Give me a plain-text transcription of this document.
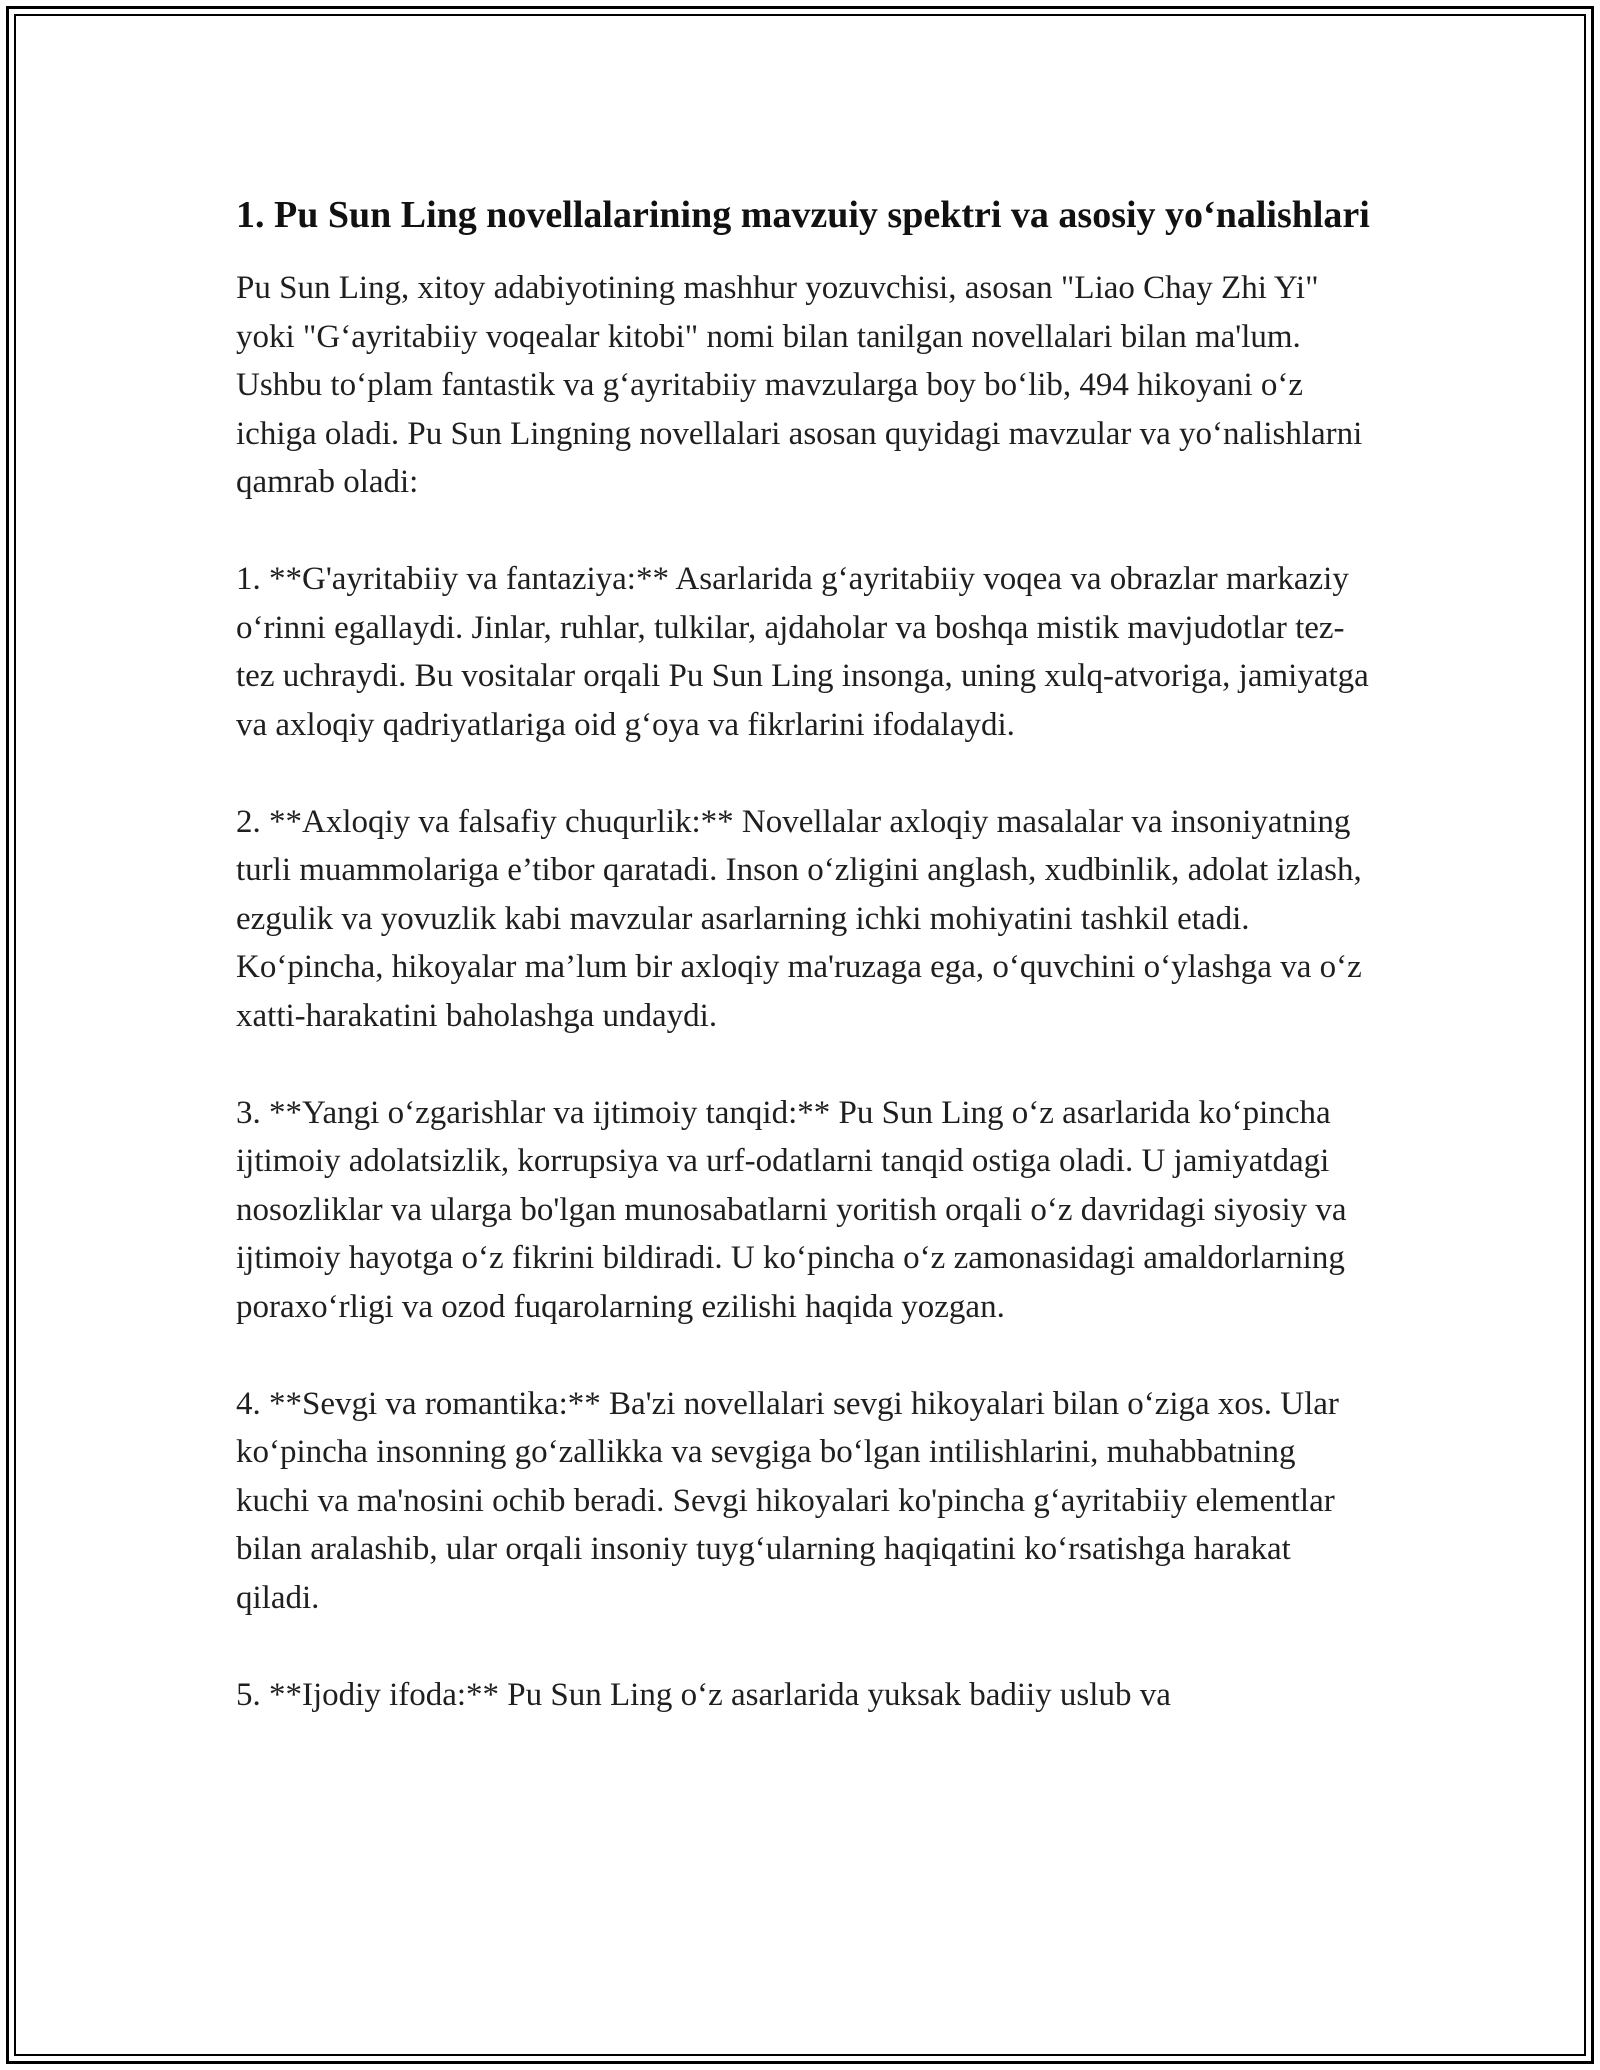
1. Pu Sun Ling novellalarining mavzuiy spektri va asosiy yo‘nalishlari

Pu Sun Ling, xitoy adabiyotining mashhur yozuvchisi, asosan "Liao Chay Zhi Yi" yoki "G‘ayritabiiy voqealar kitobi" nomi bilan tanilgan novellalari bilan ma'lum. Ushbu to‘plam fantastik va g‘ayritabiiy mavzularga boy bo‘lib, 494 hikoyani o‘z ichiga oladi. Pu Sun Lingning novellalari asosan quyidagi mavzular va yo‘nalishlarni qamrab oladi:

1. **G'ayritabiiy va fantaziya:** Asarlarida g‘ayritabiiy voqea va obrazlar markaziy o‘rinni egallaydi. Jinlar, ruhlar, tulkilar, ajdaholar va boshqa mistik mavjudotlar tez-tez uchraydi. Bu vositalar orqali Pu Sun Ling insonga, uning xulq-atvoriga, jamiyatga va axloqiy qadriyatlariga oid g‘oya va fikrlarini ifodalaydi.

2. **Axloqiy va falsafiy chuqurlik:** Novellalar axloqiy masalalar va insoniyatning turli muammolariga e’tibor qaratadi. Inson o‘zligini anglash, xudbinlik, adolat izlash, ezgulik va yovuzlik kabi mavzular asarlarning ichki mohiyatini tashkil etadi. Ko‘pincha, hikoyalar ma’lum bir axloqiy ma'ruzaga ega, o‘quvchini o‘ylashga va o‘z xatti-harakatini baholashga undaydi.

3. **Yangi o‘zgarishlar va ijtimoiy tanqid:** Pu Sun Ling o‘z asarlarida ko‘pincha ijtimoiy adolatsizlik, korrupsiya va urf-odatlarni tanqid ostiga oladi. U jamiyatdagi nosozliklar va ularga bo'lgan munosabatlarni yoritish orqali o‘z davridagi siyosiy va ijtimoiy hayotga o‘z fikrini bildiradi. U ko‘pincha o‘z zamonasidagi amaldorlarning poraxo‘rligi va ozod fuqarolarning ezilishi haqida yozgan.

4. **Sevgi va romantika:** Ba'zi novellalari sevgi hikoyalari bilan o‘ziga xos. Ular ko‘pincha insonning go‘zallikka va sevgiga bo‘lgan intilishlarini, muhabbatning kuchi va ma'nosini ochib beradi. Sevgi hikoyalari ko'pincha g‘ayritabiiy elementlar bilan aralashib, ular orqali insoniy tuyg‘ularning haqiqatini ko‘rsatishga harakat qiladi.

5. **Ijodiy ifoda:** Pu Sun Ling o‘z asarlarida yuksak badiiy uslub va
